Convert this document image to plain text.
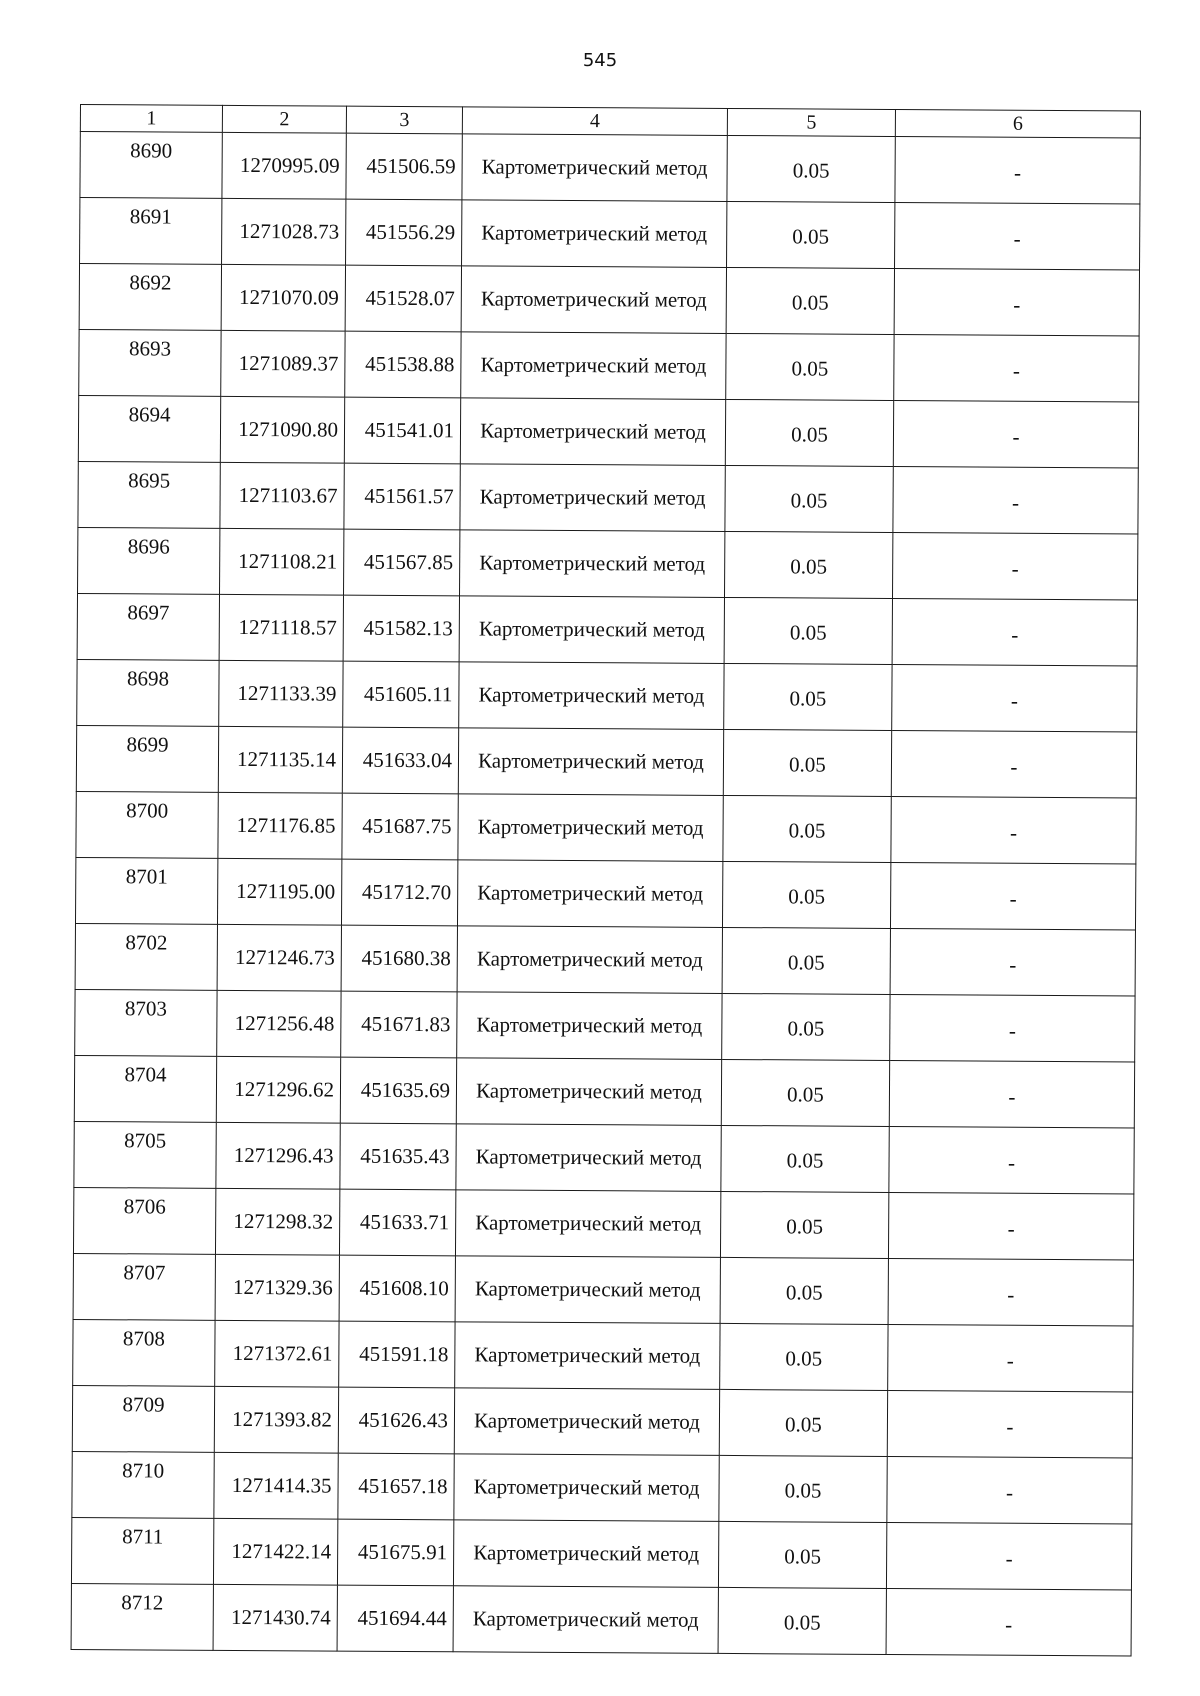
545
1	2	3	4	5	6
8690	1270995.09	451506.59	Картометрический метод	0.05	-
8691	1271028.73	451556.29	Картометрический метод	0.05	-
8692	1271070.09	451528.07	Картометрический метод	0.05	-
8693	1271089.37	451538.88	Картометрический метод	0.05	-
8694	1271090.80	451541.01	Картометрический метод	0.05	-
8695	1271103.67	451561.57	Картометрический метод	0.05	-
8696	1271108.21	451567.85	Картометрический метод	0.05	-
8697	1271118.57	451582.13	Картометрический метод	0.05	-
8698	1271133.39	451605.11	Картометрический метод	0.05	-
8699	1271135.14	451633.04	Картометрический метод	0.05	-
8700	1271176.85	451687.75	Картометрический метод	0.05	-
8701	1271195.00	451712.70	Картометрический метод	0.05	-
8702	1271246.73	451680.38	Картометрический метод	0.05	-
8703	1271256.48	451671.83	Картометрический метод	0.05	-
8704	1271296.62	451635.69	Картометрический метод	0.05	-
8705	1271296.43	451635.43	Картометрический метод	0.05	-
8706	1271298.32	451633.71	Картометрический метод	0.05	-
8707	1271329.36	451608.10	Картометрический метод	0.05	-
8708	1271372.61	451591.18	Картометрический метод	0.05	-
8709	1271393.82	451626.43	Картометрический метод	0.05	-
8710	1271414.35	451657.18	Картометрический метод	0.05	-
8711	1271422.14	451675.91	Картометрический метод	0.05	-
8712	1271430.74	451694.44	Картометрический метод	0.05	-
